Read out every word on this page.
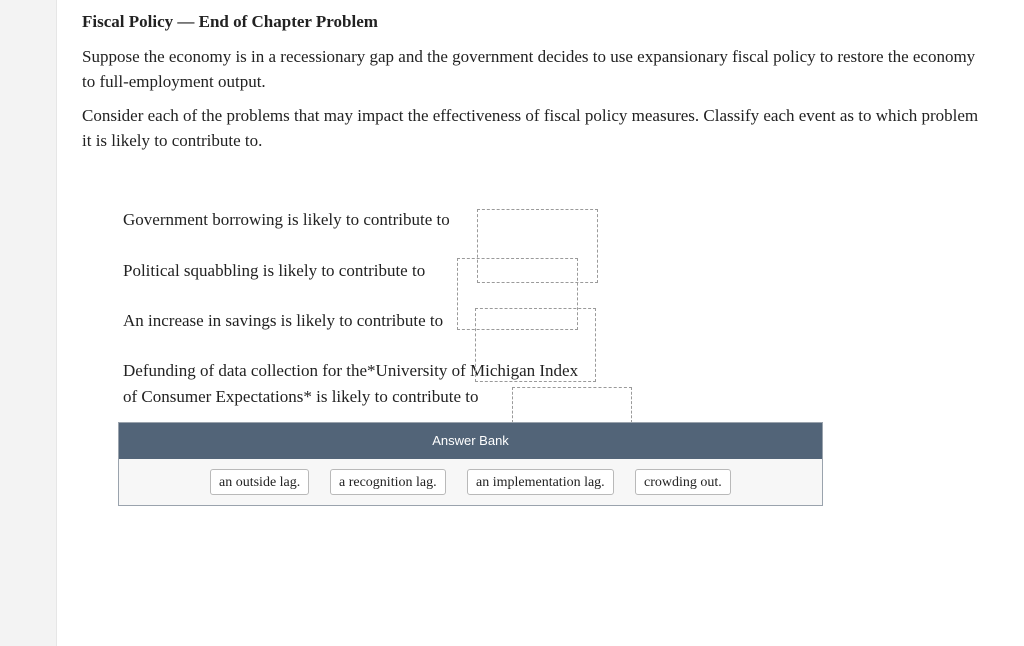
Fiscal Policy — End of Chapter Problem
Suppose the economy is in a recessionary gap and the government decides to use expansionary fiscal policy to restore the economy to full-employment output.
Consider each of the problems that may impact the effectiveness of fiscal policy measures. Classify each event as to which problem it is likely to contribute to.
Government borrowing is likely to contribute to
Political squabbling is likely to contribute to
An increase in savings is likely to contribute to
Defunding of data collection for the*University of Michigan Index
of Consumer Expectations* is likely to contribute to
Answer Bank
an outside lag.	a recognition lag.	an implementation lag.	crowding out.
